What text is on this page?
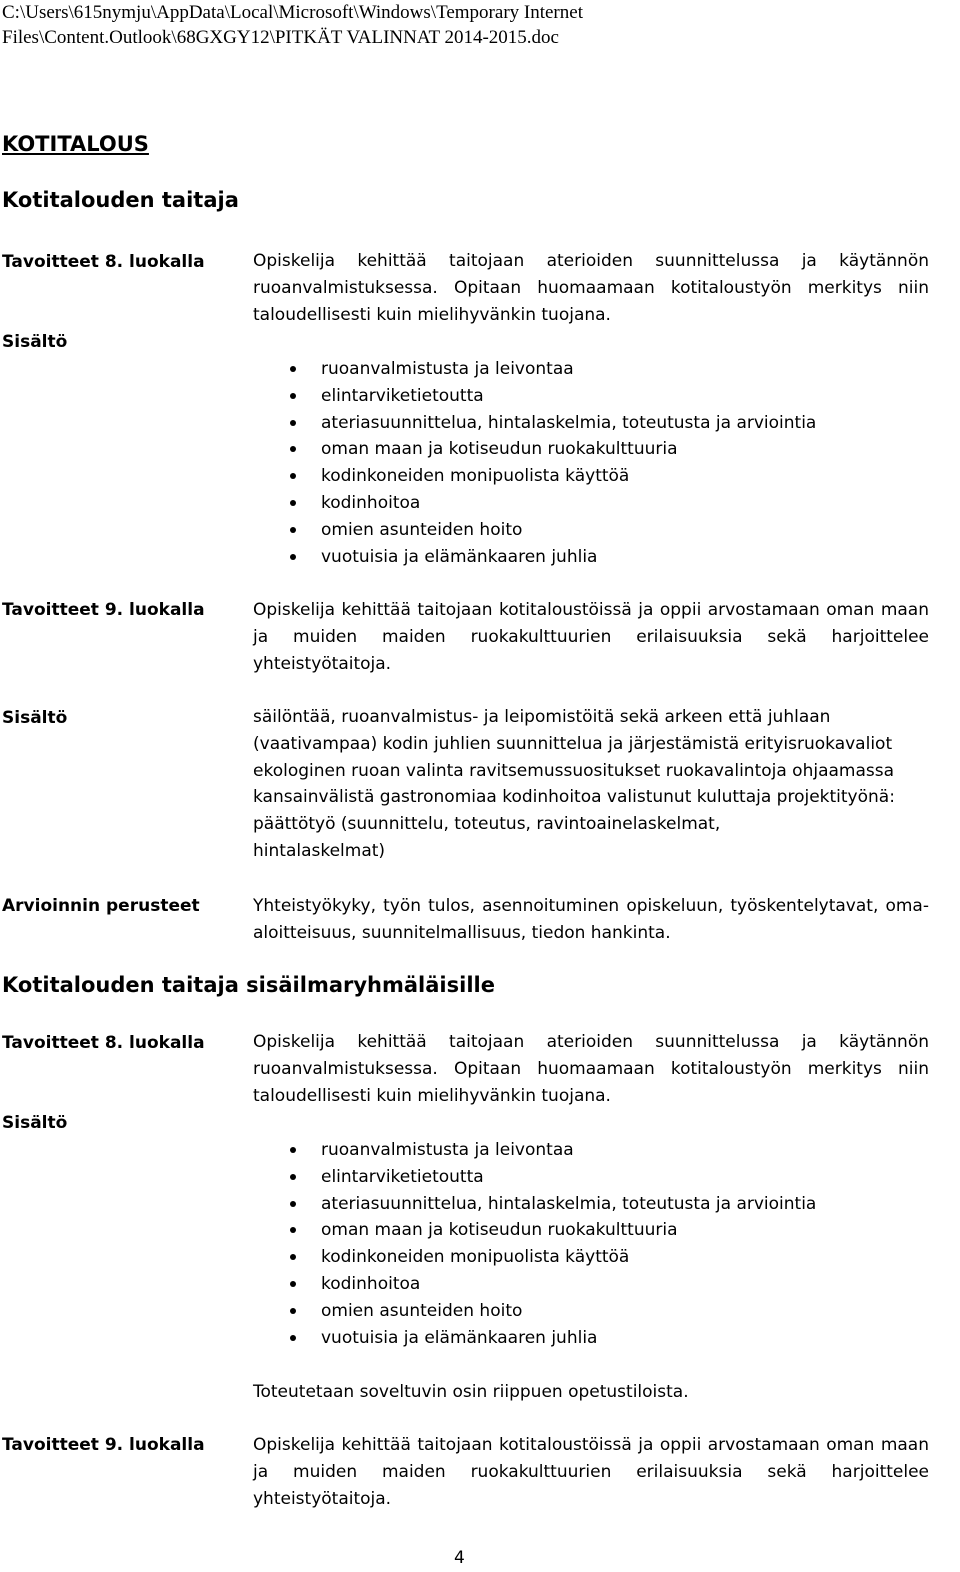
C:\Users\615nymju\AppData\Local\Microsoft\Windows\Temporary Internet
Files\Content.Outlook\68GXGY12\PITKÄT VALINNAT 2014-2015.doc
KOTITALOUS
Kotitalouden taitaja
Tavoitteet 8. luokalla	Opiskelija kehittää taitojaan aterioiden suunnittelussa ja käytännön ruoanvalmistuksessa. Opitaan huomaamaan kotitaloustyön merkitys niin taloudellisesti kuin mielihyvänkin tuojana.
Sisältö
ruoanvalmistusta ja leivontaa
elintarviketietoutta
ateriasuunnittelua, hintalaskelmia, toteutusta ja arviointia
oman maan ja kotiseudun ruokakulttuuria
kodinkoneiden monipuolista käyttöä
kodinhoitoa
omien asunteiden hoito
vuotuisia ja elämänkaaren juhlia
Tavoitteet 9. luokalla	Opiskelija kehittää taitojaan kotitaloustöissä ja oppii arvostamaan oman maan ja muiden maiden ruokakulttuurien erilaisuuksia sekä harjoittelee yhteistyötaitoja.
Sisältö	säilöntää, ruoanvalmistus- ja leipomistöitä sekä arkeen että juhlaan
(vaativampaa) kodin juhlien suunnittelua ja järjestämistä erityisruokavaliot
ekologinen ruoan valinta ravitsemussuositukset ruokavalintoja ohjaamassa
kansainvälistä gastronomiaa kodinhoitoa valistunut kuluttaja projektityönä:
päättötyö (suunnittelu, toteutus, ravintoainelaskelmat,
hintalaskelmat)
Arvioinnin perusteet	Yhteistyökyky, työn tulos, asennoituminen opiskeluun, työskentelytavat, oma-aloitteisuus, suunnitelmallisuus, tiedon hankinta.
Kotitalouden taitaja sisäilmaryhmäläisille
Tavoitteet 8. luokalla	Opiskelija kehittää taitojaan aterioiden suunnittelussa ja käytännön ruoanvalmistuksessa. Opitaan huomaamaan kotitaloustyön merkitys niin taloudellisesti kuin mielihyvänkin tuojana.
Sisältö
ruoanvalmistusta ja leivontaa
elintarviketietoutta
ateriasuunnittelua, hintalaskelmia, toteutusta ja arviointia
oman maan ja kotiseudun ruokakulttuuria
kodinkoneiden monipuolista käyttöä
kodinhoitoa
omien asunteiden hoito
vuotuisia ja elämänkaaren juhlia
Toteutetaan soveltuvin osin riippuen opetustiloista.
Tavoitteet 9. luokalla	Opiskelija kehittää taitojaan kotitaloustöissä ja oppii arvostamaan oman maan ja muiden maiden ruokakulttuurien erilaisuuksia sekä harjoittelee yhteistyötaitoja.
4
